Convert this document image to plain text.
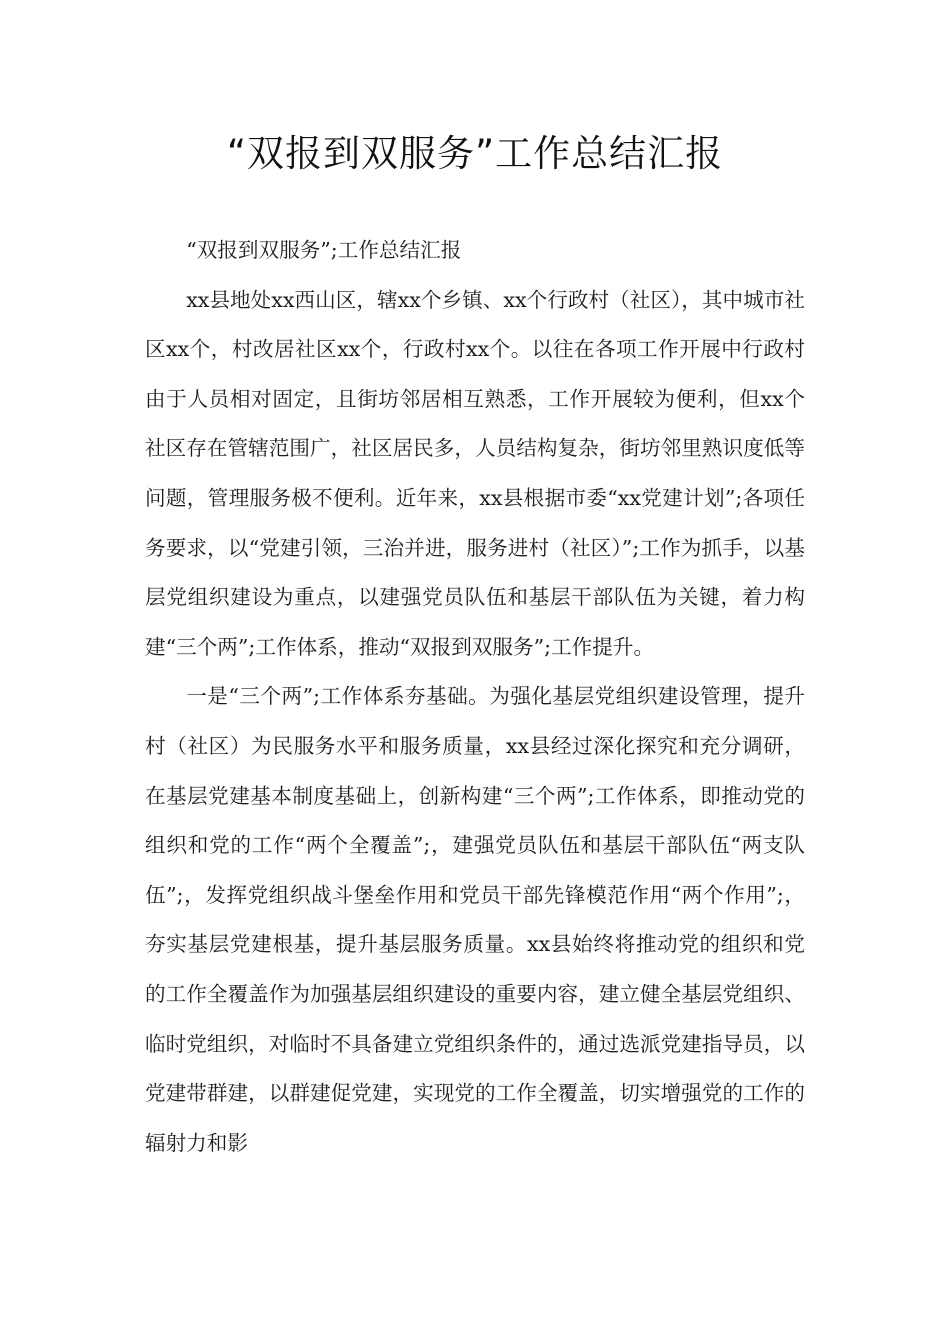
“双报到双服务”工作总结汇报

“双报到双服务”;工作总结汇报

xx县地处xx西山区，辖xx个乡镇、xx个行政村（社区），其中城市社区xx个，村改居社区xx个，行政村xx个。以往在各项工作开展中行政村由于人员相对固定，且街坊邻居相互熟悉，工作开展较为便利，但xx个社区存在管辖范围广，社区居民多，人员结构复杂，街坊邻里熟识度低等问题，管理服务极不便利。近年来，xx县根据市委“xx党建计划”;各项任务要求，以“党建引领，三治并进，服务进村（社区）”;工作为抓手，以基层党组织建设为重点，以建强党员队伍和基层干部队伍为关键，着力构建“三个两”;工作体系，推动“双报到双服务”;工作提升。

一是“三个两”;工作体系夯基础。为强化基层党组织建设管理，提升村（社区）为民服务水平和服务质量，xx县经过深化探究和充分调研，在基层党建基本制度基础上，创新构建“三个两”;工作体系，即推动党的组织和党的工作“两个全覆盖”;，建强党员队伍和基层干部队伍“两支队伍”;，发挥党组织战斗堡垒作用和党员干部先锋模范作用“两个作用”;，夯实基层党建根基，提升基层服务质量。xx县始终将推动党的组织和党的工作全覆盖作为加强基层组织建设的重要内容，建立健全基层党组织、临时党组织，对临时不具备建立党组织条件的，通过选派党建指导员，以党建带群建，以群建促党建，实现党的工作全覆盖，切实增强党的工作的辐射力和影
